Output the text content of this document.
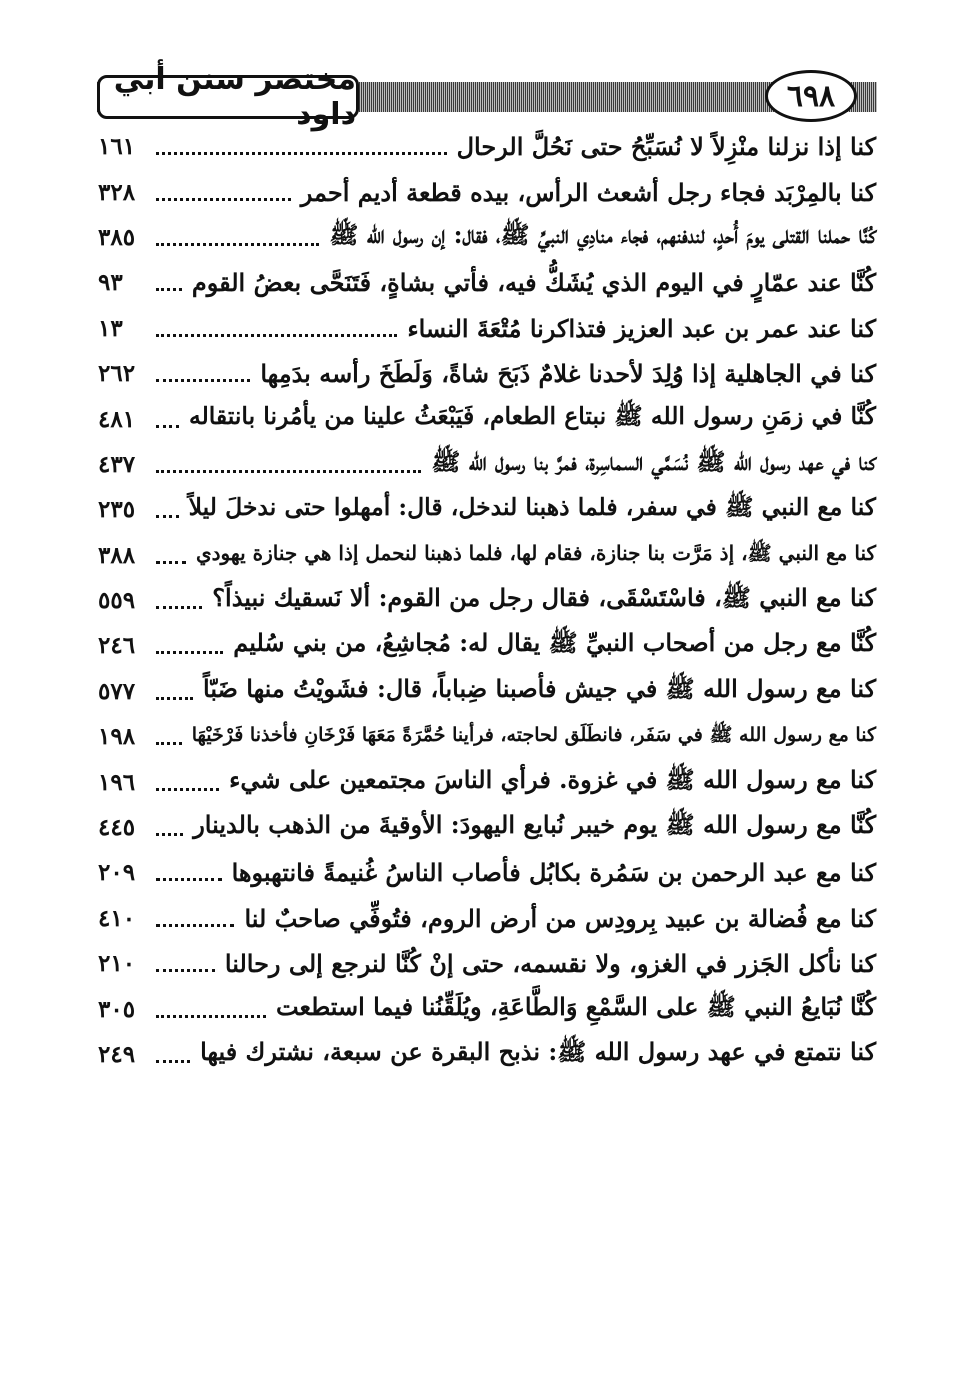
مختصر سنن أبي داود
٦٩٨
كنا إذا نزلنا منْزِلاً لا نُسَبِّحُ حتى نَحُلَّ الرحال
١٦١
كنا بالمِرْبَد فجاء رجل أشعث الرأس، بيده قطعة أديم أحمر
٣٢٨
كُنَّا حملنا القتلى يومَ أُحدٍ، لندفنهم، فجاء منادِي النبيِّ ﷺ، فقال: إن رسول الله ﷺ
٣٨٥
كُنَّا عند عمّارٍ في اليوم الذي يُشَكُّ فيه، فأتي بشاةٍ، فَتَنَحَّى بعضُ القوم
٩٣
كنا عند عمر بن عبد العزيز فتذاكرنا مُتْعَةَ النساء
١٣
كنا في الجاهلية إذا وُلِدَ لأحدنا غلامٌ ذَبَحَ شاةً، وَلَطَخَ رأسه بدَمِها
٢٦٢
كُنَّا في زمَنِ رسول الله ﷺ نبتاع الطعام، فَيَبْعَثُ علينا من يأمُرنا بانتقاله
٤٨١
كنا في عهد رسول الله ﷺ نُسَمَّي السماسِرة، فمرَّ بنا رسول الله ﷺ
٤٣٧
كنا مع النبي ﷺ في سفر، فلما ذهبنا لندخل، قال: أمهلوا حتى ندخلَ ليلاً
٢٣٥
كنا مع النبي ﷺ، إذ مَرَّت بنا جنازة، فقام لها، فلما ذهبنا لنحمل إذا هي جنازة يهودي
٣٨٨
كنا مع النبي ﷺ، فاسْتَسْقَى، فقال رجل من القوم: ألا نَسقيك نبيذاً؟
٥٥٩
كُنَّا مع رجل من أصحاب النبيِّ ﷺ يقال له: مُجاشِعُ، من بني سُليم
٢٤٦
كنا مع رسول الله ﷺ في جيش فأصبنا ضِباباً، قال: فشَويْتُ منها ضَبّاً
٥٧٧
كنا مع رسول الله ﷺ في سَفَر، فانطَلَق لحاجته، فرأينا حُمَّرَةً مَعَهَا فَرْخَانِ فأخذنا فَرْخَيْهَا
١٩٨
كنا مع رسول الله ﷺ في غزوة. فرأي الناسَ مجتمعين على شيء
١٩٦
كُنَّا مع رسول الله ﷺ يوم خيبر نُبايع اليهودَ: الأوقيةَ من الذهب بالدينار
٤٤٥
كنا مع عبد الرحمن بن سَمُرة بكابُل فأصاب الناسُ غُنيمةً فانتهبوها
٢٠٩
كنا مع فُضالة بن عبيد بِرودِس من أرض الروم، فتُوفِّي صاحبٌ لنا
٤١٠
كنا نأكل الجَزر في الغزو، ولا نقسمه، حتى إنْ كُنَّا لنرجع إلى رحالنا
٢١٠
كُنَّا نُبَايعُ النبي ﷺ على السَّمْعِ وَالطَّاعَةِ، ويُلَقِّنُنا فيما استطعت
٣٠٥
كنا نتمتع في عهد رسول الله ﷺ: نذبح البقرة عن سبعة، نشترك فيها
٢٤٩
